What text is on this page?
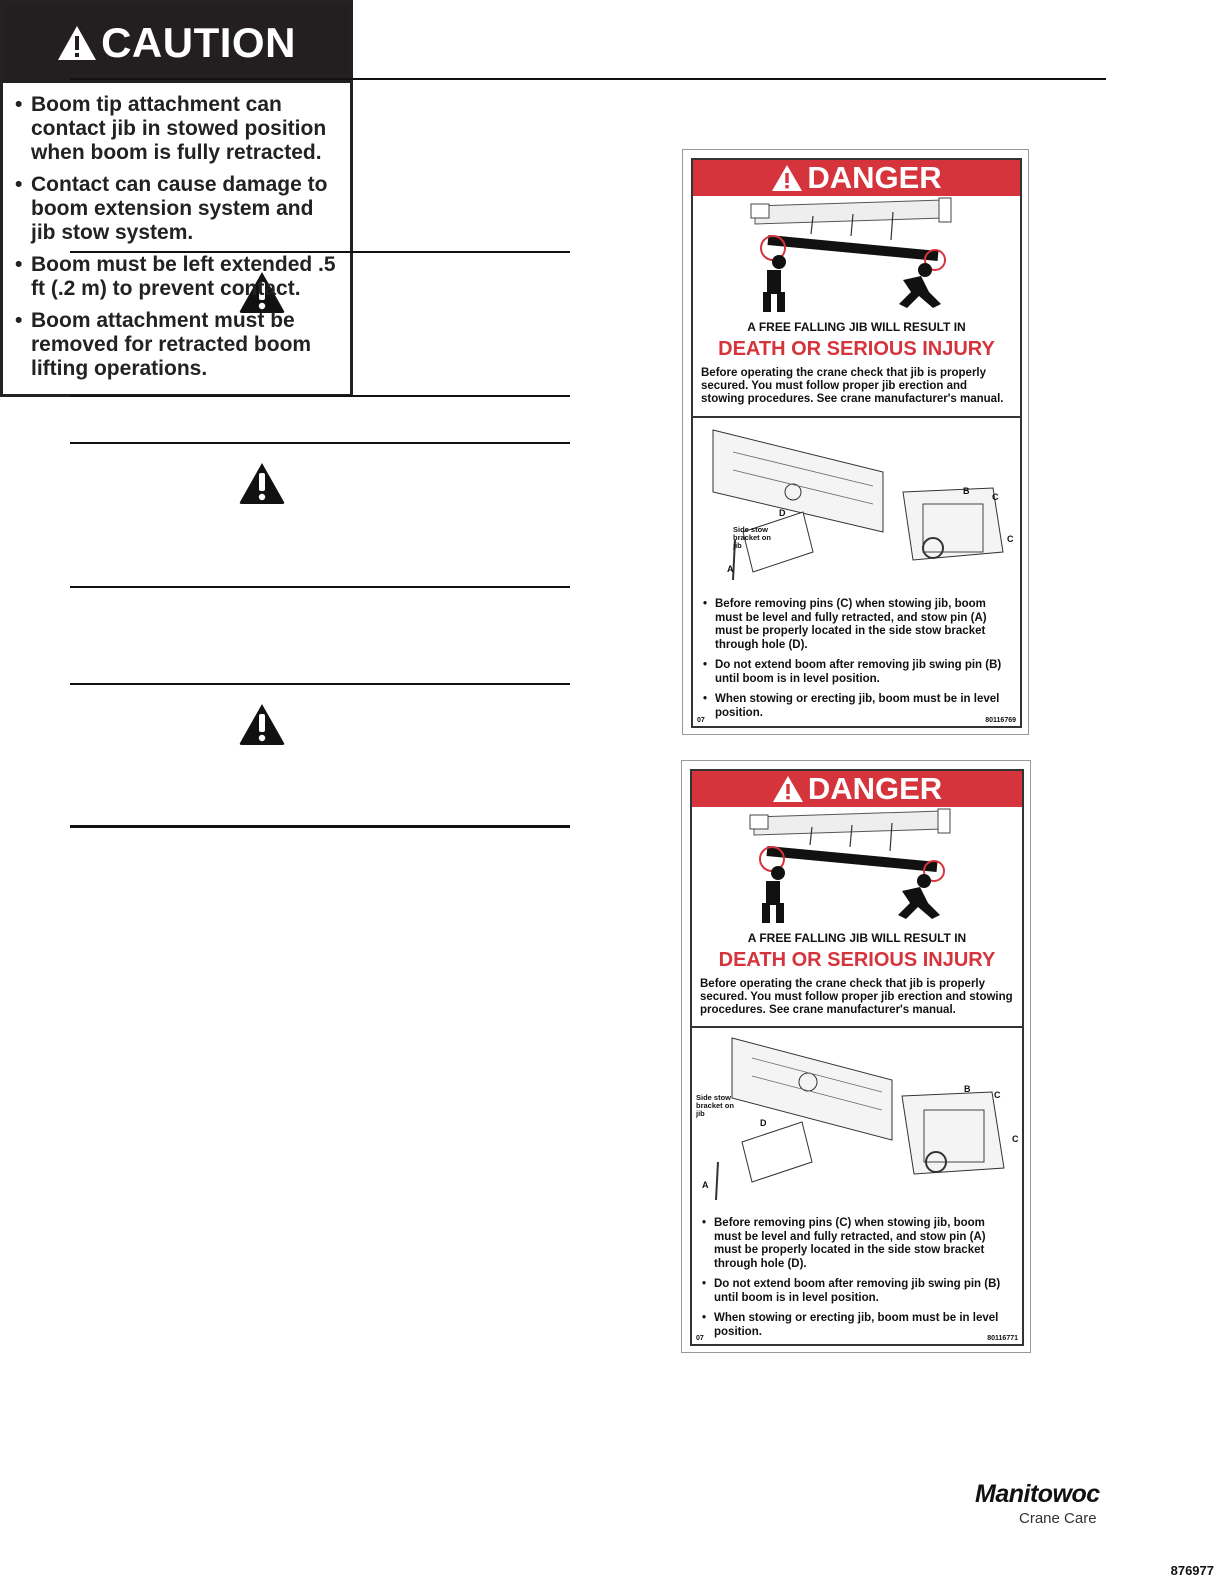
CAUTION
• Boom tip attachment can contact jib in stowed position when boom is fully retracted.
• Contact can cause damage to boom extension system and jib stow system.
• Boom must be left extended .5 ft (.2 m) to prevent contact.
• Boom attachment must be removed for retracted boom lifting operations.
876977
DANGER
A FREE FALLING JIB WILL RESULT IN
DEATH OR SERIOUS INJURY
Before operating the crane check that jib is properly secured. You must follow proper jib erection and stowing procedures. See crane manufacturer's manual.
Side stow bracket on jib
A
B
C
C
D
• Before removing pins (C) when stowing jib, boom must be level and fully retracted, and stow pin (A) must be properly located in the side stow bracket through hole (D).
• Do not extend boom after removing jib swing pin (B) until boom is in level position.
• When stowing or erecting jib, boom must be in level position.
07	80116769
DANGER
A FREE FALLING JIB WILL RESULT IN
DEATH OR SERIOUS INJURY
Before operating the crane check that jib is properly secured. You must follow proper jib erection and stowing procedures. See crane manufacturer's manual.
Side stow bracket on jib
A
B
C
C
D
• Before removing pins (C) when stowing jib, boom must be level and fully retracted, and stow pin (A) must be properly located in the side stow bracket through hole (D).
• Do not extend boom after removing jib swing pin (B) until boom is in level position.
• When stowing or erecting jib, boom must be in level position.
07	80116771
Manitowoc
Crane Care
